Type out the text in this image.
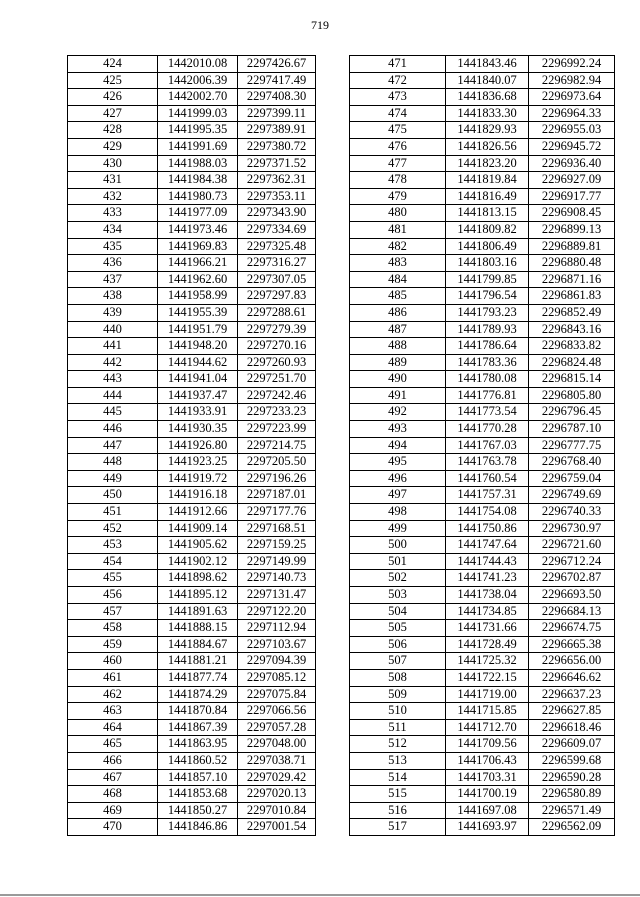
719
424	1442010.08	2297426.67
425	1442006.39	2297417.49
426	1442002.70	2297408.30
427	1441999.03	2297399.11
428	1441995.35	2297389.91
429	1441991.69	2297380.72
430	1441988.03	2297371.52
431	1441984.38	2297362.31
432	1441980.73	2297353.11
433	1441977.09	2297343.90
434	1441973.46	2297334.69
435	1441969.83	2297325.48
436	1441966.21	2297316.27
437	1441962.60	2297307.05
438	1441958.99	2297297.83
439	1441955.39	2297288.61
440	1441951.79	2297279.39
441	1441948.20	2297270.16
442	1441944.62	2297260.93
443	1441941.04	2297251.70
444	1441937.47	2297242.46
445	1441933.91	2297233.23
446	1441930.35	2297223.99
447	1441926.80	2297214.75
448	1441923.25	2297205.50
449	1441919.72	2297196.26
450	1441916.18	2297187.01
451	1441912.66	2297177.76
452	1441909.14	2297168.51
453	1441905.62	2297159.25
454	1441902.12	2297149.99
455	1441898.62	2297140.73
456	1441895.12	2297131.47
457	1441891.63	2297122.20
458	1441888.15	2297112.94
459	1441884.67	2297103.67
460	1441881.21	2297094.39
461	1441877.74	2297085.12
462	1441874.29	2297075.84
463	1441870.84	2297066.56
464	1441867.39	2297057.28
465	1441863.95	2297048.00
466	1441860.52	2297038.71
467	1441857.10	2297029.42
468	1441853.68	2297020.13
469	1441850.27	2297010.84
470	1441846.86	2297001.54
471	1441843.46	2296992.24
472	1441840.07	2296982.94
473	1441836.68	2296973.64
474	1441833.30	2296964.33
475	1441829.93	2296955.03
476	1441826.56	2296945.72
477	1441823.20	2296936.40
478	1441819.84	2296927.09
479	1441816.49	2296917.77
480	1441813.15	2296908.45
481	1441809.82	2296899.13
482	1441806.49	2296889.81
483	1441803.16	2296880.48
484	1441799.85	2296871.16
485	1441796.54	2296861.83
486	1441793.23	2296852.49
487	1441789.93	2296843.16
488	1441786.64	2296833.82
489	1441783.36	2296824.48
490	1441780.08	2296815.14
491	1441776.81	2296805.80
492	1441773.54	2296796.45
493	1441770.28	2296787.10
494	1441767.03	2296777.75
495	1441763.78	2296768.40
496	1441760.54	2296759.04
497	1441757.31	2296749.69
498	1441754.08	2296740.33
499	1441750.86	2296730.97
500	1441747.64	2296721.60
501	1441744.43	2296712.24
502	1441741.23	2296702.87
503	1441738.04	2296693.50
504	1441734.85	2296684.13
505	1441731.66	2296674.75
506	1441728.49	2296665.38
507	1441725.32	2296656.00
508	1441722.15	2296646.62
509	1441719.00	2296637.23
510	1441715.85	2296627.85
511	1441712.70	2296618.46
512	1441709.56	2296609.07
513	1441706.43	2296599.68
514	1441703.31	2296590.28
515	1441700.19	2296580.89
516	1441697.08	2296571.49
517	1441693.97	2296562.09
